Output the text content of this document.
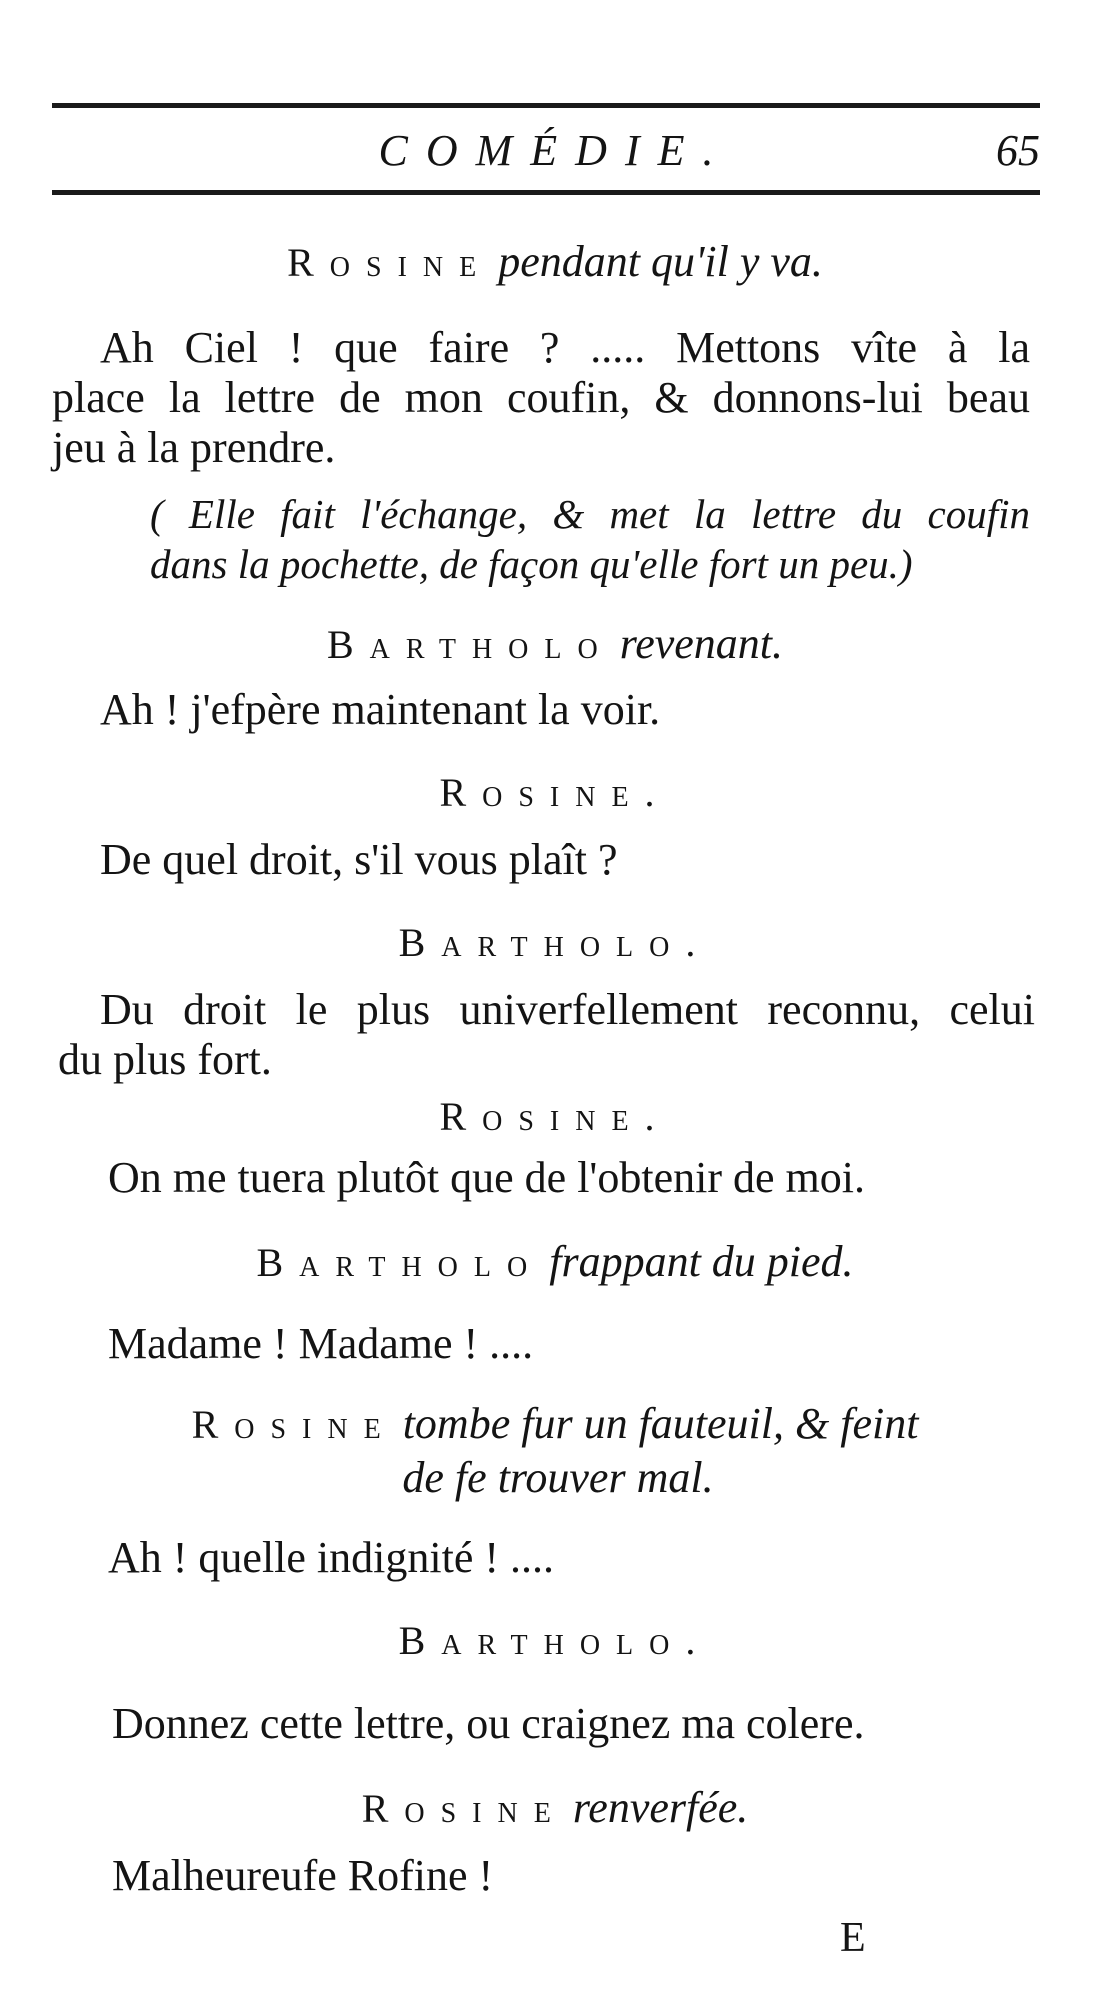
COMÉDIE.	65
Rosine pendant qu'il y va.
Ah Ciel ! que faire ? ..... Mettons vîte à la
place la lettre de mon coufin, & donnons-lui beau
jeu à la prendre.
( Elle fait l'échange, & met la lettre du coufin
dans la pochette, de façon qu'elle fort un peu.)
Bartholo revenant.
Ah ! j'efpère maintenant la voir.
Rosine.
De quel droit, s'il vous plaît ?
Bartholo.
Du droit le plus univerfellement reconnu, celui
du plus fort.
Rosine.
On me tuera plutôt que de l'obtenir de moi.
Bartholo frappant du pied.
Madame ! Madame ! ....
Rosine tombe fur un fauteuil, & feint
de fe trouver mal.
Ah ! quelle indignité ! ....
Bartholo.
Donnez cette lettre, ou craignez ma colere.
Rosine renverfée.
Malheureufe Rofine !
E
